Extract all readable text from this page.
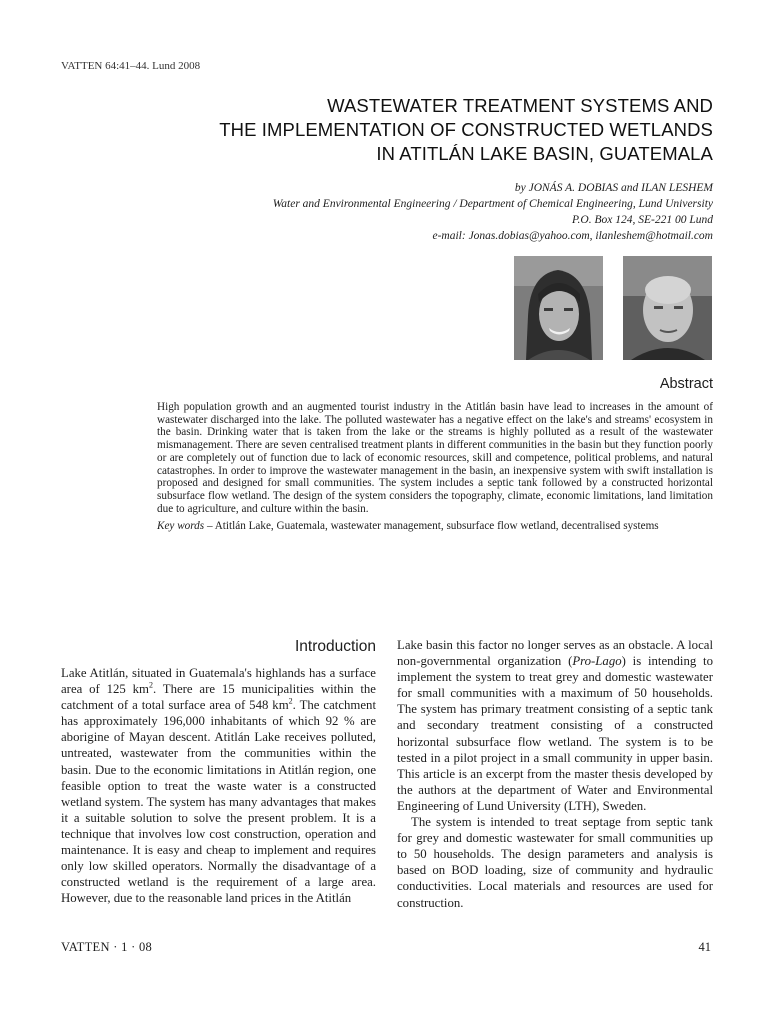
VATTEN 64:41–44. Lund 2008
WASTEWATER TREATMENT SYSTEMS AND
THE IMPLEMENTATION OF CONSTRUCTED WETLANDS
IN ATITLÁN LAKE BASIN, GUATEMALA
by JONÁS A. DOBIAS and ILAN LESHEM
Water and Environmental Engineering / Department of Chemical Engineering, Lund University
P.O. Box 124, SE-221 00 Lund
e-mail: Jonas.dobias@yahoo.com, ilanleshem@hotmail.com
Abstract

High population growth and an augmented tourist industry in the Atitlán basin have lead to increases in the amount of wastewater discharged into the lake. The polluted wastewater has a negative effect on the lake's and streams' ecosystem in the basin. Drinking water that is taken from the lake or the streams is highly polluted as a result of the wastewater mismanagement. There are seven centralised treatment plants in different communities in the basin but they function poorly or are completely out of function due to lack of economic resources, skill and competence, political problems, and natural catastrophes. In order to improve the wastewater management in the basin, an inexpensive system with swift installation is proposed and designed for small communities. The system includes a septic tank followed by a constructed horizontal subsurface flow wetland. The design of the system considers the topography, climate, economic limitations, land limitation due to agriculture, and culture within the basin.

Key words – Atitlán Lake, Guatemala, wastewater management, subsurface flow wetland, decentralised systems

Introduction

Lake Atitlán, situated in Guatemala's highlands has a surface area of 125 $km^2$. There are 15 municipalities within the catchment of a total surface area of 548 $km^2$. The catchment has approximately 196,000 inhabitants of which 92 % are aborigine of Mayan descent. Atitlán Lake receives polluted, untreated, wastewater from the communities within the basin. Due to the economic limitations in Atitlán region, one feasible option to treat the waste water is a constructed wetland system. The system has many advantages that makes it a suitable solution to solve the present problem. It is a technique that involves low cost construction, operation and maintenance. It is easy and cheap to implement and requires only low skilled operators. Normally the disadvantage of a constructed wetland is the requirement of a large area. However, due to the reasonable land prices in the Atitlán

Lake basin this factor no longer serves as an obstacle. A local non-governmental organization (Pro-Lago) is intending to implement the system to treat grey and domestic wastewater for small communities with a maximum of 50 households. The system has primary treatment consisting of a septic tank and secondary treatment consisting of a constructed horizontal subsurface flow wetland. The system is to be tested in a pilot project in a small community in upper basin. This article is an excerpt from the master thesis developed by the authors at the department of Water and Environmental Engineering of Lund University (LTH), Sweden.

The system is intended to treat septage from septic tank for grey and domestic wastewater for small communities up to 50 households. The design parameters and analysis is based on BOD loading, size of community and hydraulic conductivities. Local materials and resources are used for construction.

VATTEN · 1 · 08	41
